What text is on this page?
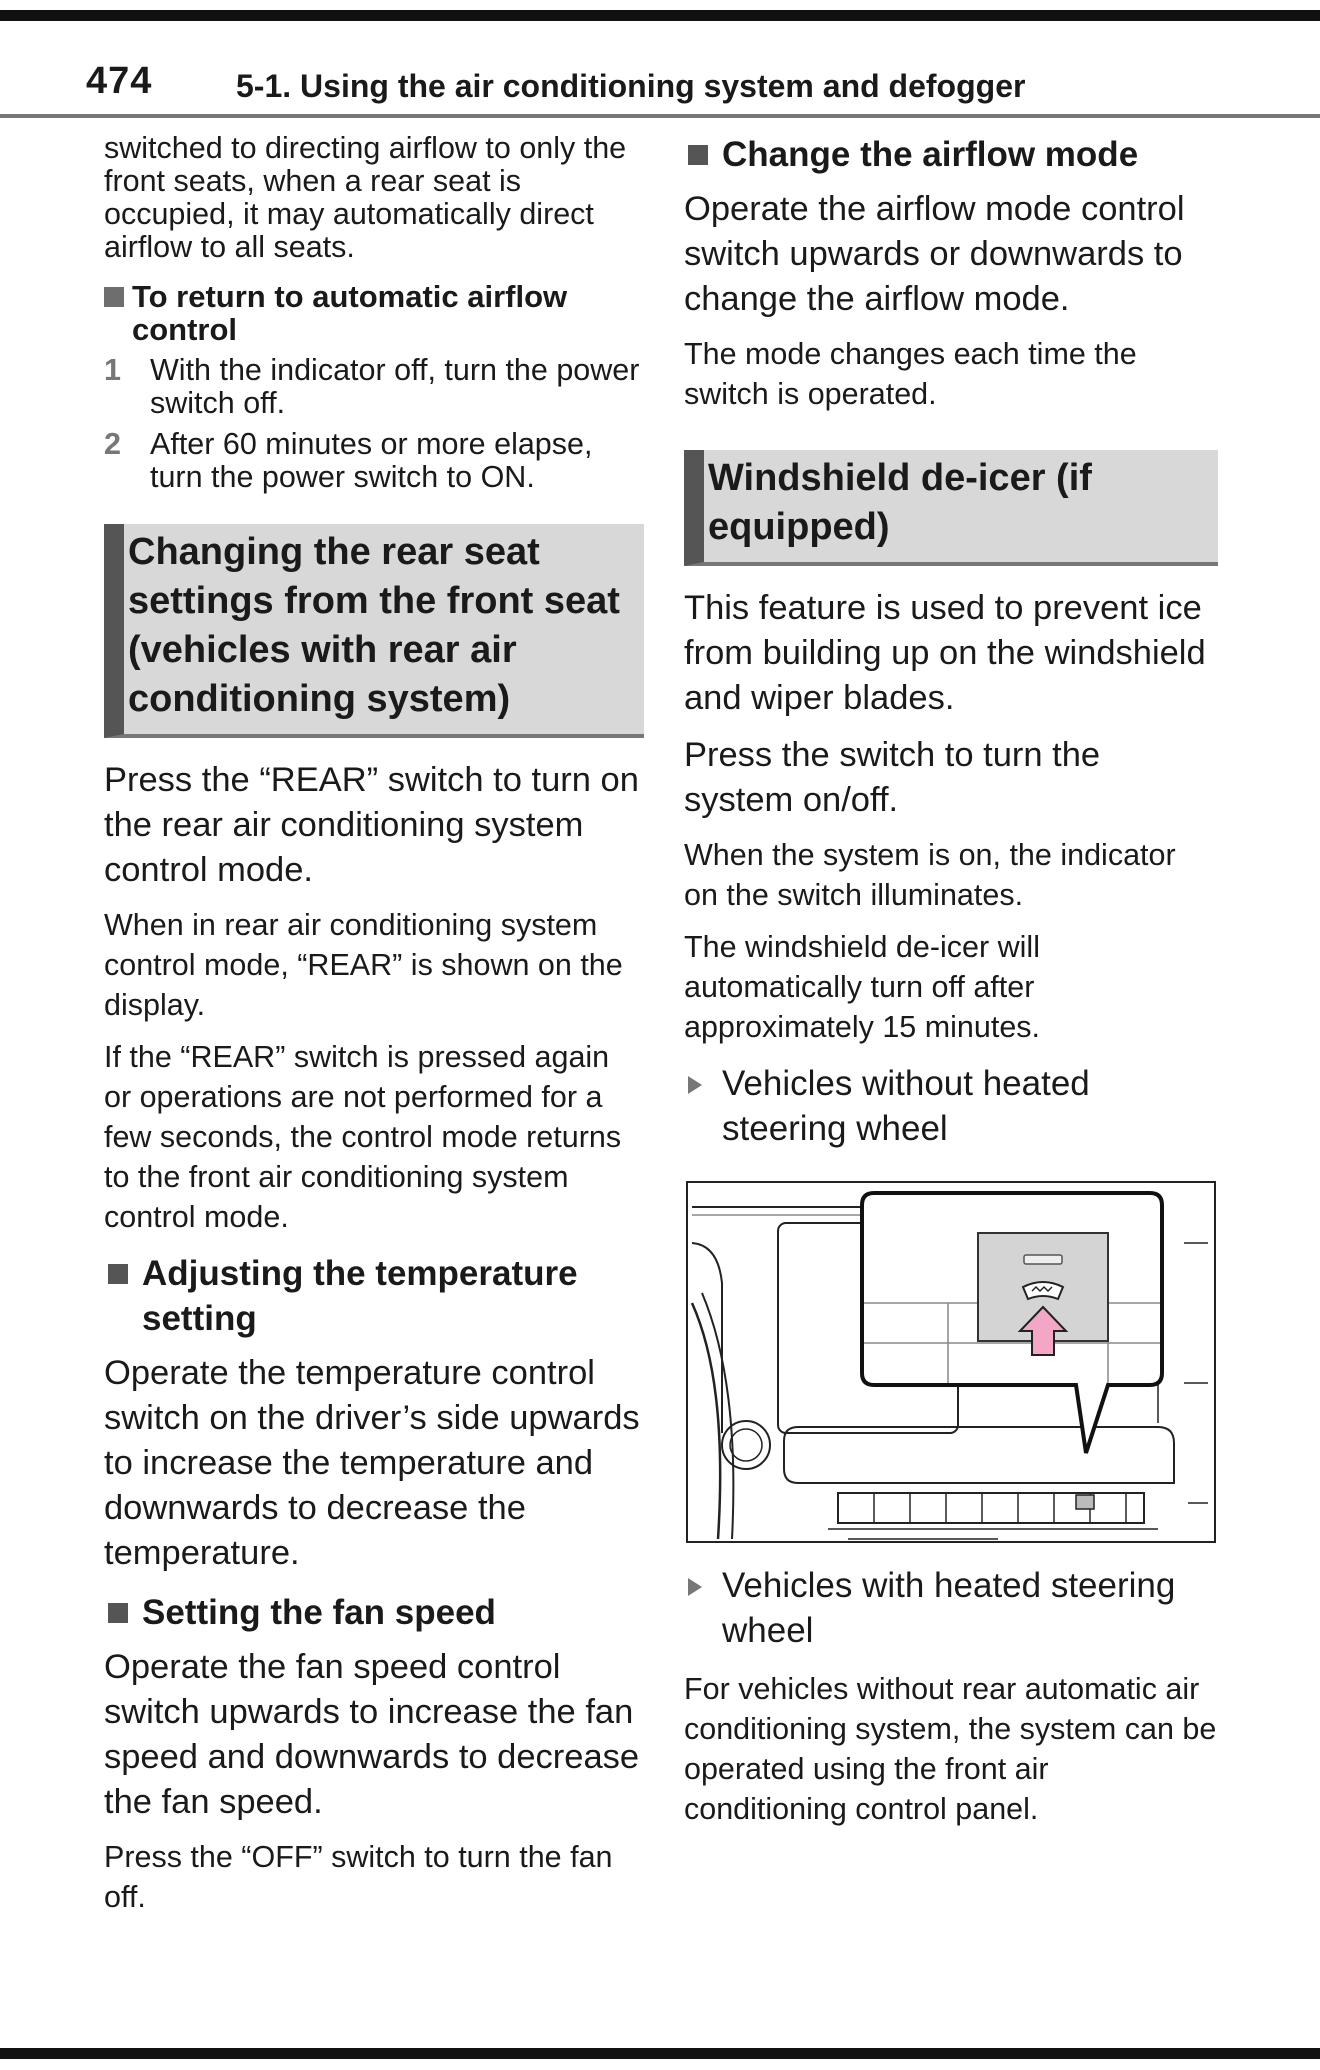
474	5-1. Using the air conditioning system and defogger

switched to directing airflow to only the front seats, when a rear seat is occupied, it may automatically direct airflow to all seats.

To return to automatic airflow control
1 With the indicator off, turn the power switch off.
2 After 60 minutes or more elapse, turn the power switch to ON.
Changing the rear seat settings from the front seat (vehicles with rear air conditioning system)

Press the “REAR” switch to turn on the rear air conditioning system control mode.

When in rear air conditioning system control mode, “REAR” is shown on the display.

If the “REAR” switch is pressed again or operations are not performed for a few seconds, the control mode returns to the front air conditioning system control mode.

Adjusting the temperature setting

Operate the temperature control switch on the driver’s side upwards to increase the temperature and downwards to decrease the temperature.

Setting the fan speed

Operate the fan speed control switch upwards to increase the fan speed and downwards to decrease the fan speed.

Press the “OFF” switch to turn the fan off.

Change the airflow mode

Operate the airflow mode control switch upwards or downwards to change the airflow mode.

The mode changes each time the switch is operated.

Windshield de-icer (if equipped)

This feature is used to prevent ice from building up on the windshield and wiper blades.

Press the switch to turn the system on/off.

When the system is on, the indicator on the switch illuminates.

The windshield de-icer will automatically turn off after approximately 15 minutes.

Vehicles without heated steering wheel
Vehicles with heated steering wheel

For vehicles without rear automatic air conditioning system, the system can be operated using the front air conditioning control panel.
